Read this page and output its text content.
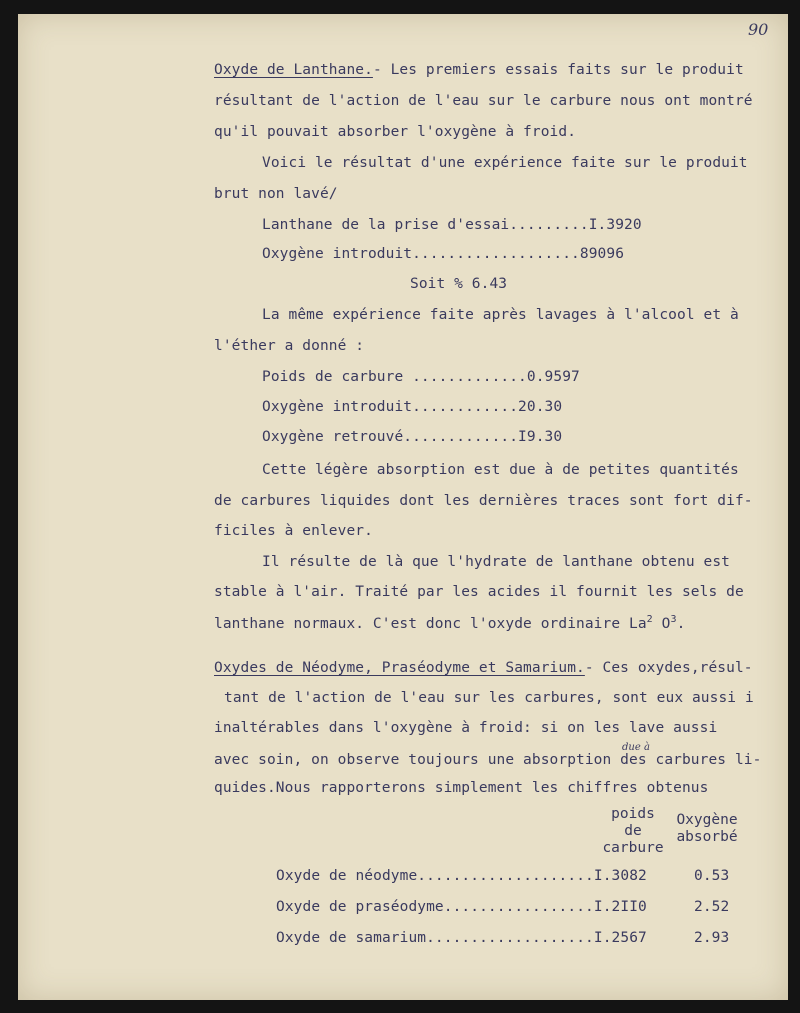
90
Oxyde de Lanthane.- Les premiers essais faits sur le produit
résultant de l'action de l'eau sur le carbure nous ont montré
qu'il pouvait absorber l'oxygène à froid.
Voici le résultat d'une expérience faite sur le produit
brut non lavé/
Lanthane de la prise d'essai.........I.3920
Oxygène introduit...................89096
Soit % 6.43
La même expérience faite après lavages à l'alcool et à
l'éther a donné :
Poids de carbure .............0.9597
Oxygène introduit............20.30
Oxygène retrouvé.............I9.30
Cette légère absorption est due à de petites quantités
de carbures liquides dont les dernières traces sont fort dif-
ficiles à enlever.
Il résulte de là que l'hydrate de lanthane obtenu est
stable à l'air. Traité par les acides il fournit les sels de
lanthane normaux. C'est donc l'oxyde ordinaire La$^2$ $O^3$.
Oxydes de Néodyme, Praséodyme et Samarium.- Ces oxydes,résul-
tant de l'action de l'eau sur les carbures, sont eux aussi i
inaltérables dans l'oxygène à froid: si on les lave aussi
due à
avec soin, on observe toujours une absorption des carbures li-
quides.Nous rapporterons simplement les chiffres obtenus
poids
de
carbure
Oxygène
absorbé
Oxyde de néodyme....................I.3082	0.53
Oxyde de praséodyme.................I.2II0	2.52
Oxyde de samarium...................I.2567	2.93
